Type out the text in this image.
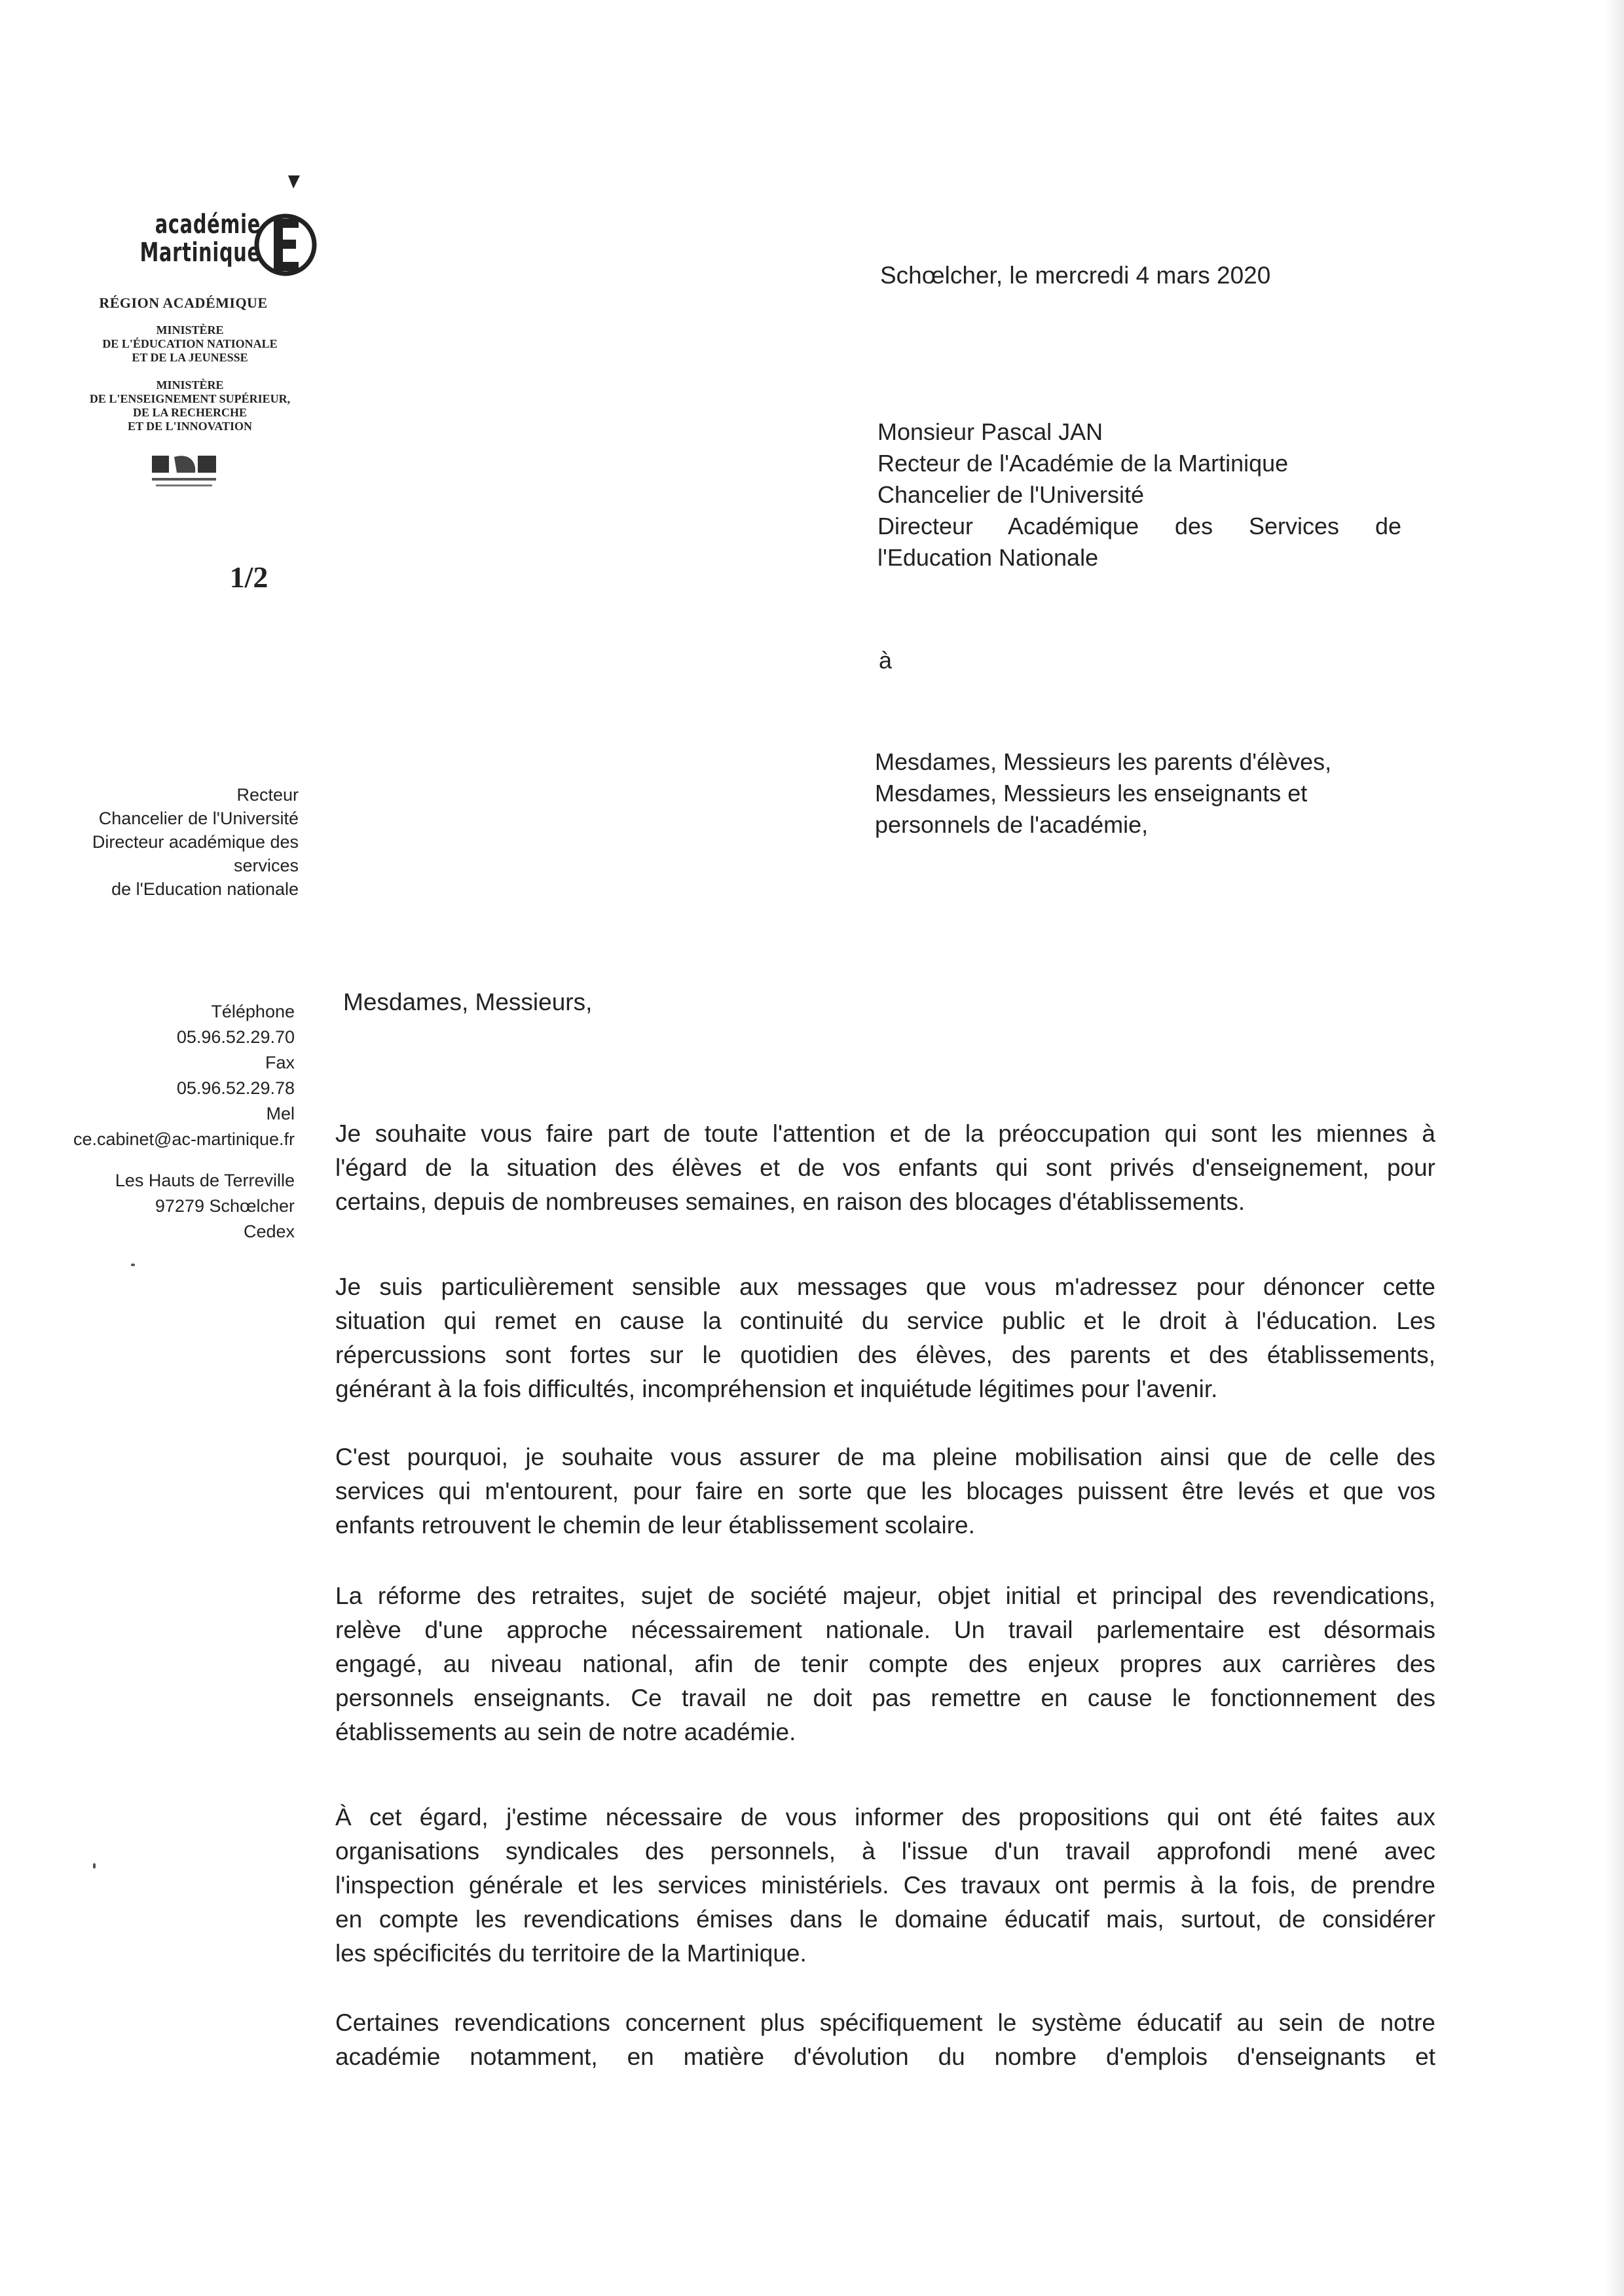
académie
Martinique
RÉGION ACADÉMIQUE
MINISTÈRE
DE L'ÉDUCATION NATIONALE
ET DE LA JEUNESSE
MINISTÈRE
DE L'ENSEIGNEMENT SUPÉRIEUR,
DE LA RECHERCHE
ET DE L'INNOVATION
1/2
Recteur
Chancelier de l'Université
Directeur académique des
services
de l'Education nationale
Téléphone
05.96.52.29.70
Fax
05.96.52.29.78
Mel
ce.cabinet@ac-martinique.fr
Les Hauts de Terreville
97279 Schœlcher
Cedex
Schœlcher, le mercredi 4 mars 2020
Monsieur Pascal JAN
Recteur de l'Académie de la Martinique
Chancelier de l'Université
Directeur Académique des Services de
l'Education Nationale
à
Mesdames, Messieurs les parents d'élèves,
Mesdames, Messieurs les enseignants et
personnels de l'académie,
Mesdames, Messieurs,
Je souhaite vous faire part de toute l'attention et de la préoccupation qui sont les miennes à
l'égard de la situation des élèves et de vos enfants qui sont privés d'enseignement, pour
certains, depuis de nombreuses semaines, en raison des blocages d'établissements.
Je suis particulièrement sensible aux messages que vous m'adressez pour dénoncer cette
situation qui remet en cause la continuité du service public et le droit à l'éducation. Les
répercussions sont fortes sur le quotidien des élèves, des parents et des établissements,
générant à la fois difficultés, incompréhension et inquiétude légitimes pour l'avenir.
C'est pourquoi, je souhaite vous assurer de ma pleine mobilisation ainsi que de celle des
services qui m'entourent, pour faire en sorte que les blocages puissent être levés et que vos
enfants retrouvent le chemin de leur établissement scolaire.
La réforme des retraites, sujet de société majeur, objet initial et principal des revendications,
relève d'une approche nécessairement nationale. Un travail parlementaire est désormais
engagé, au niveau national, afin de tenir compte des enjeux propres aux carrières des
personnels enseignants. Ce travail ne doit pas remettre en cause le fonctionnement des
établissements au sein de notre académie.
À cet égard, j'estime nécessaire de vous informer des propositions qui ont été faites aux
organisations syndicales des personnels, à l'issue d'un travail approfondi mené avec
l'inspection générale et les services ministériels. Ces travaux ont permis à la fois, de prendre
en compte les revendications émises dans le domaine éducatif mais, surtout, de considérer
les spécificités du territoire de la Martinique.
Certaines revendications concernent plus spécifiquement le système éducatif au sein de notre
académie notamment, en matière d'évolution du nombre d'emplois d'enseignants et
